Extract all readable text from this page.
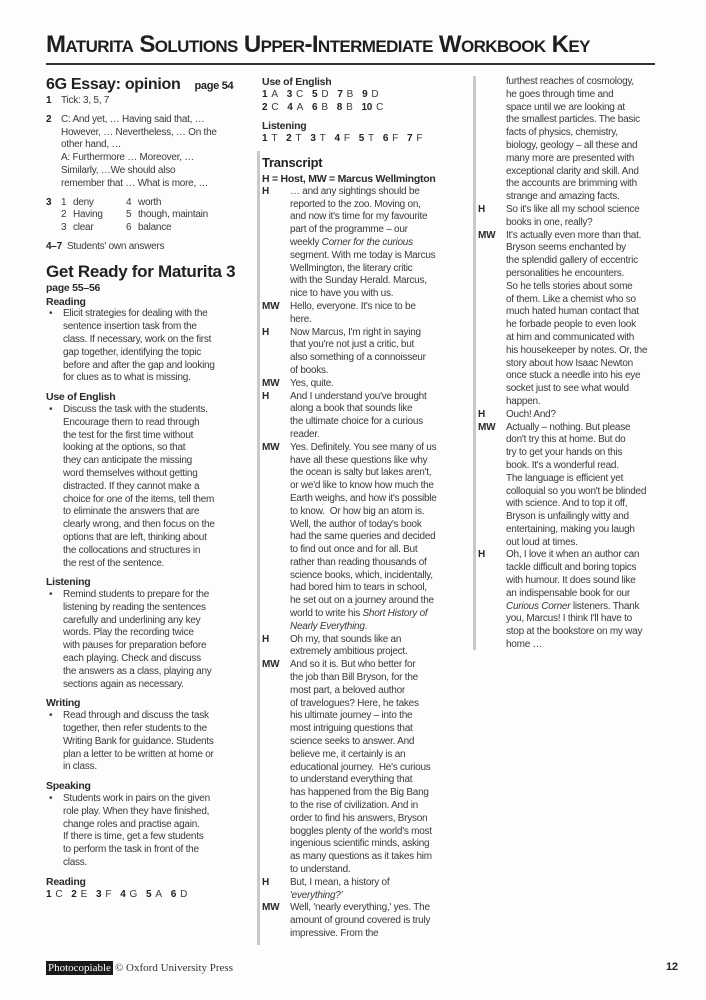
Maturita Solutions Upper-Intermediate Workbook Key
6G Essay: opinion page 54
1 Tick: 3, 5, 7
2 C: And yet, … Having said that, …
However, … Nevertheless, … On the
other hand, …
A: Furthermore … Moreover, …
Similarly, …We should also
remember that … What is more, …
3 1 deny	4 worth
2 Having	5 though, maintain
3 clear	6 balance
4–7 Students' own answers
Get Ready for Maturita 3
page 55–56
Reading
•	Elicit strategies for dealing with the
sentence insertion task from the
class. If necessary, work on the first
gap together, identifying the topic
before and after the gap and looking
for clues as to what is missing.
Use of English
•	Discuss the task with the students.
Encourage them to read through
the test for the first time without
looking at the options, so that
they can anticipate the missing
word themselves without getting
distracted. If they cannot make a
choice for one of the items, tell them
to eliminate the answers that are
clearly wrong, and then focus on the
options that are left, thinking about
the collocations and structures in
the rest of the sentence.
Listening
•	Remind students to prepare for the
listening by reading the sentences
carefully and underlining any key
words. Play the recording twice
with pauses for preparation before
each playing. Check and discuss
the answers as a class, playing any
sections again as necessary.
Writing
•	Read through and discuss the task
together, then refer students to the
Writing Bank for guidance. Students
plan a letter to be written at home or
in class.
Speaking
•	Students work in pairs on the given
role play. When they have finished,
change roles and practise again.
If there is time, get a few students
to perform the task in front of the
class.
Reading
1 C 2 E 3 F 4 G 5 A 6 D
Use of English
1 A 3 C 5 D 7 B 9 D
2 C 4 A 6 B 8 B 10 C
Listening
1 T 2 T 3 T 4 F 5 T 6 F 7 F
Transcript
H = Host, MW = Marcus Wellmington
H	… and any sightings should be
reported to the zoo. Moving on,
and now it's time for my favourite
part of the programme – our
weekly Corner for the curious
segment. With me today is Marcus
Wellmington, the literary critic
with the Sunday Herald. Marcus,
nice to have you with us.
MW	Hello, everyone. It's nice to be
here.
H	Now Marcus, I'm right in saying
that you're not just a critic, but
also something of a connoisseur
of books.
MW	Yes, quite.
H	And I understand you've brought
along a book that sounds like
the ultimate choice for a curious
reader.
MW	Yes. Definitely. You see many of us
have all these questions like why
the ocean is salty but lakes aren't,
or we'd like to know how much the
Earth weighs, and how it's possible
to know.  Or how big an atom is.
Well, the author of today's book
had the same queries and decided
to find out once and for all. But
rather than reading thousands of
science books, which, incidentally,
had bored him to tears in school,
he set out on a journey around the
world to write his Short History of
Nearly Everything.
H	Oh my, that sounds like an
extremely ambitious project.
MW	And so it is. But who better for
the job than Bill Bryson, for the
most part, a beloved author
of travelogues? Here, he takes
his ultimate journey – into the
most intriguing questions that
science seeks to answer. And
believe me, it certainly is an
educational journey.  He's curious
to understand everything that
has happened from the Big Bang
to the rise of civilization. And in
order to find his answers, Bryson
boggles plenty of the world's most
ingenious scientific minds, asking
as many questions as it takes him
to understand.
H	But, I mean, a history of
'everything?'
MW	Well, 'nearly everything,' yes. The
amount of ground covered is truly
impressive. From the
furthest reaches of cosmology,
he goes through time and
space until we are looking at
the smallest particles. The basic
facts of physics, chemistry,
biology, geology – all these and
many more are presented with
exceptional clarity and skill. And
the accounts are brimming with
strange and amazing facts.
H	So it's like all my school science
books in one, really?
MW	It's actually even more than that.
Bryson seems enchanted by
the splendid gallery of eccentric
personalities he encounters.
So he tells stories about some
of them. Like a chemist who so
much hated human contact that
he forbade people to even look
at him and communicated with
his housekeeper by notes. Or, the
story about how Isaac Newton
once stuck a needle into his eye
socket just to see what would
happen.
H	Ouch! And?
MW	Actually – nothing. But please
don't try this at home. But do
try to get your hands on this
book. It's a wonderful read.
The language is efficient yet
colloquial so you won't be blinded
with science. And to top it off,
Bryson is unfailingly witty and
entertaining, making you laugh
out loud at times.
H	Oh, I love it when an author can
tackle difficult and boring topics
with humour. It does sound like
an indispensable book for our
Curious Corner listeners. Thank
you, Marcus! I think I'll have to
stop at the bookstore on my way
home …
Photocopiable © Oxford University Press	12
